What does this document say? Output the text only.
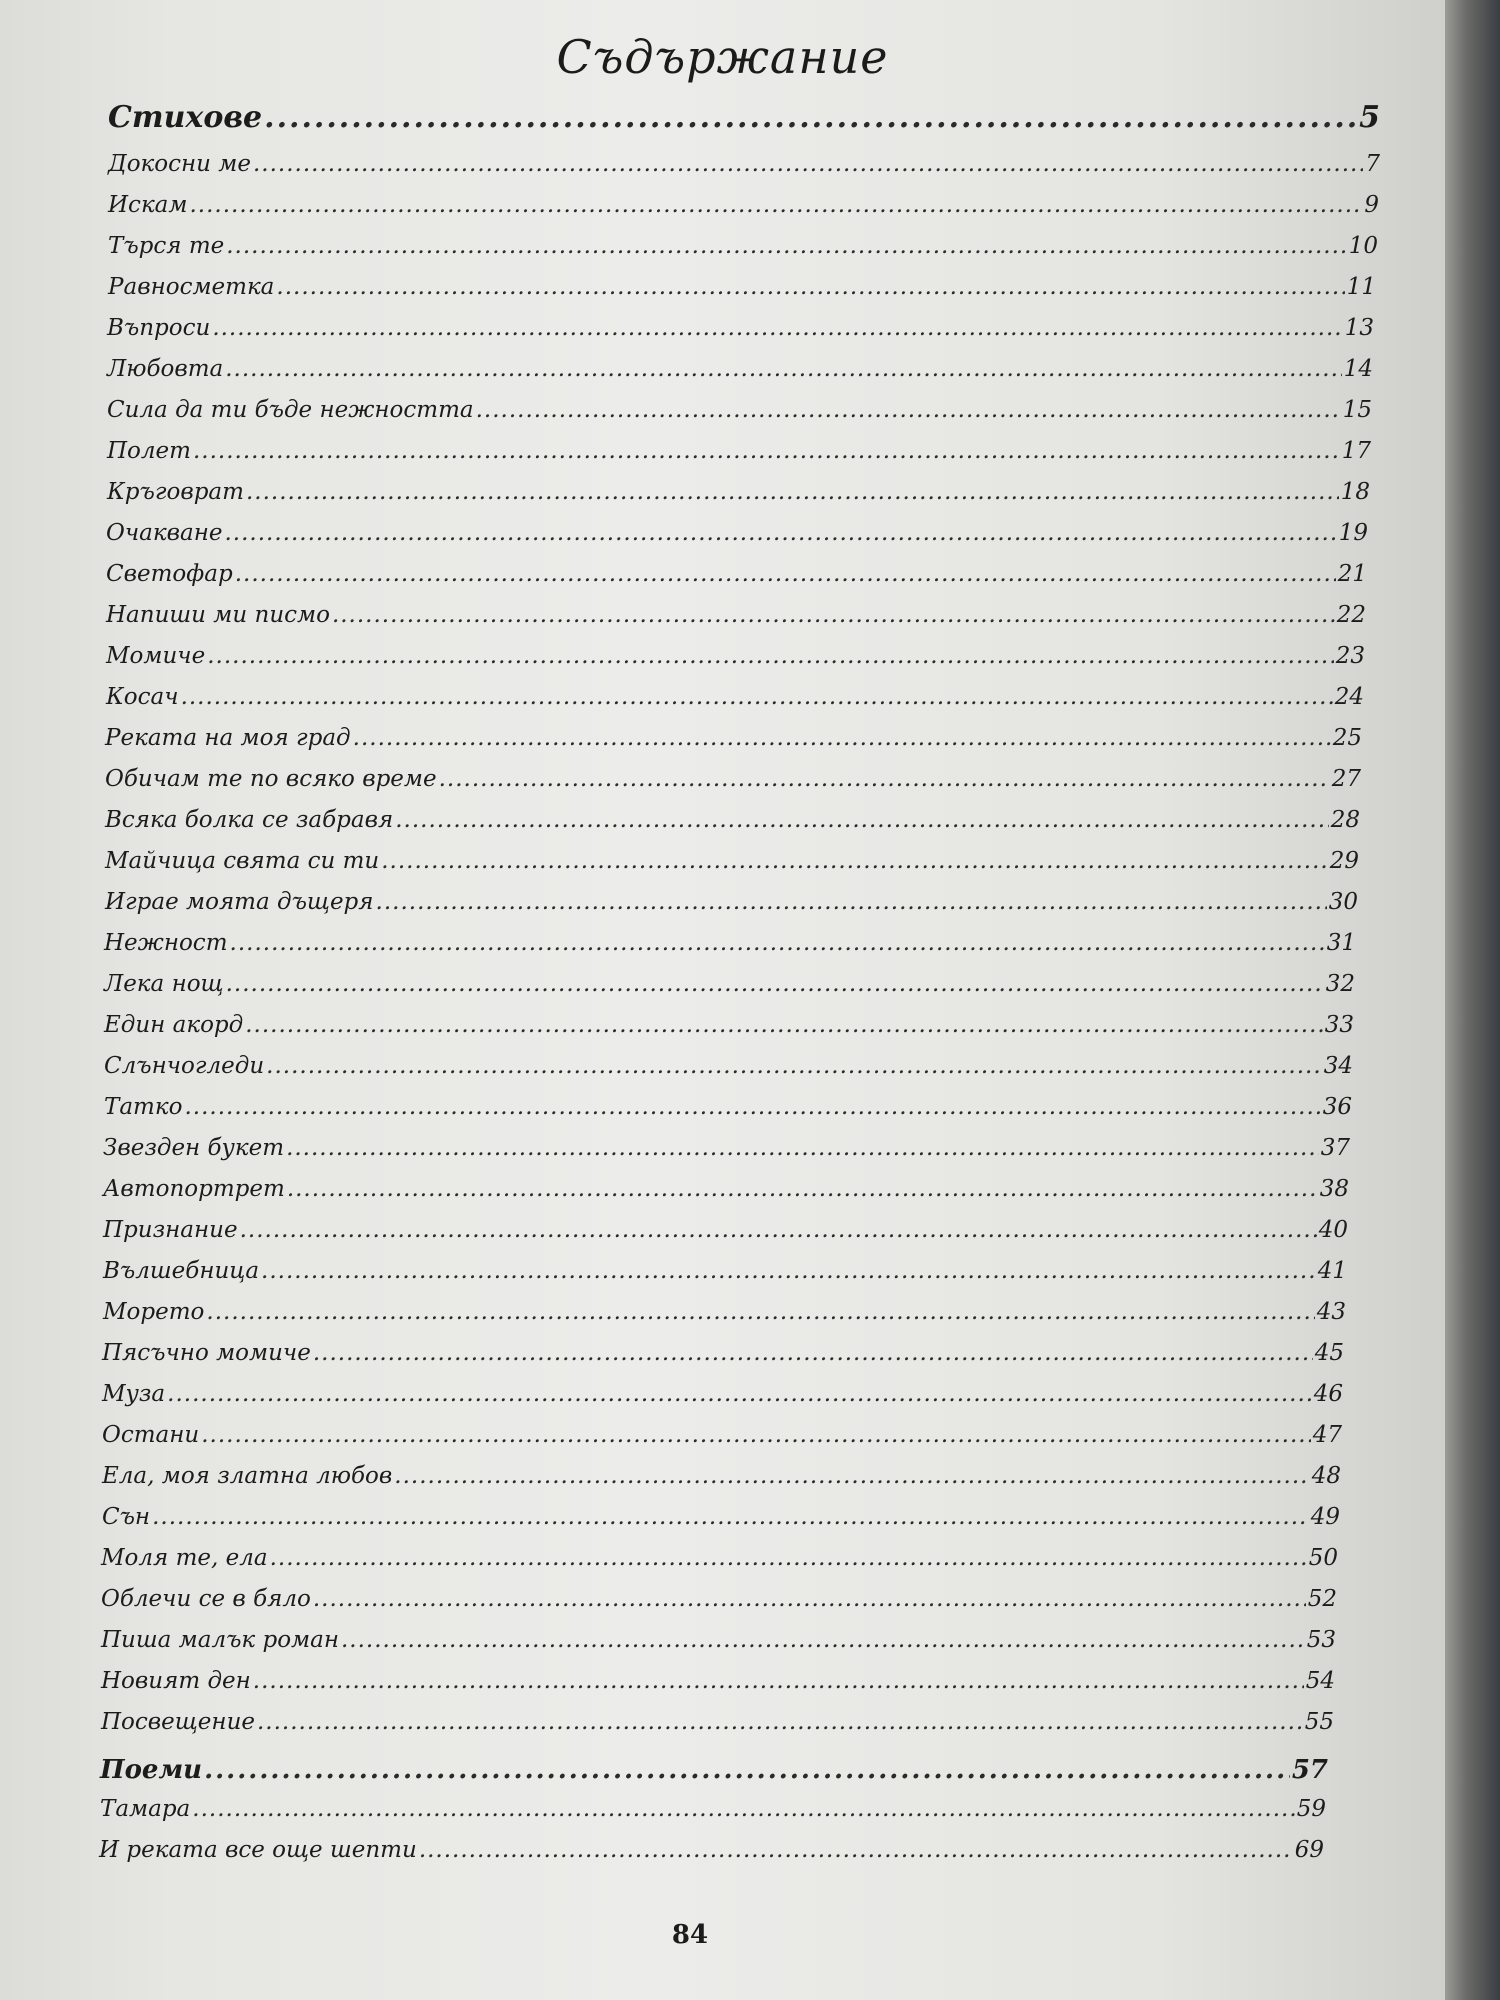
Съдържание
Стихове .....	5
Докосни ме .....	7
Искам .....	9
Търся те .....	10
Равносметка .....	11
Въпроси .....	13
Любовта .....	14
Сила да ти бъде нежността .....	15
Полет .....	17
Кръговрат .....	18
Очакване .....	19
Светофар .....	21
Напиши ми писмо .....	22
Момиче .....	23
Косач .....	24
Реката на моя град .....	25
Обичам те по всяко време .....	27
Всяка болка се забравя .....	28
Майчица свята си ти .....	29
Играе моята дъщеря .....	30
Нежност .....	31
Лека нощ .....	32
Един акорд .....	33
Слънчогледи .....	34
Татко .....	36
Звезден букет .....	37
Автопортрет .....	38
Признание .....	40
Вълшебница .....	41
Морето .....	43
Пясъчно момиче .....	45
Муза .....	46
Остани .....	47
Ела, моя златна любов .....	48
Сън .....	49
Моля те, ела .....	50
Облечи се в бяло .....	52
Пиша малък роман .....	53
Новият ден .....	54
Посвещение .....	55
Поеми .....	57
Тамара .....	59
И реката все още шепти .....	69
84
